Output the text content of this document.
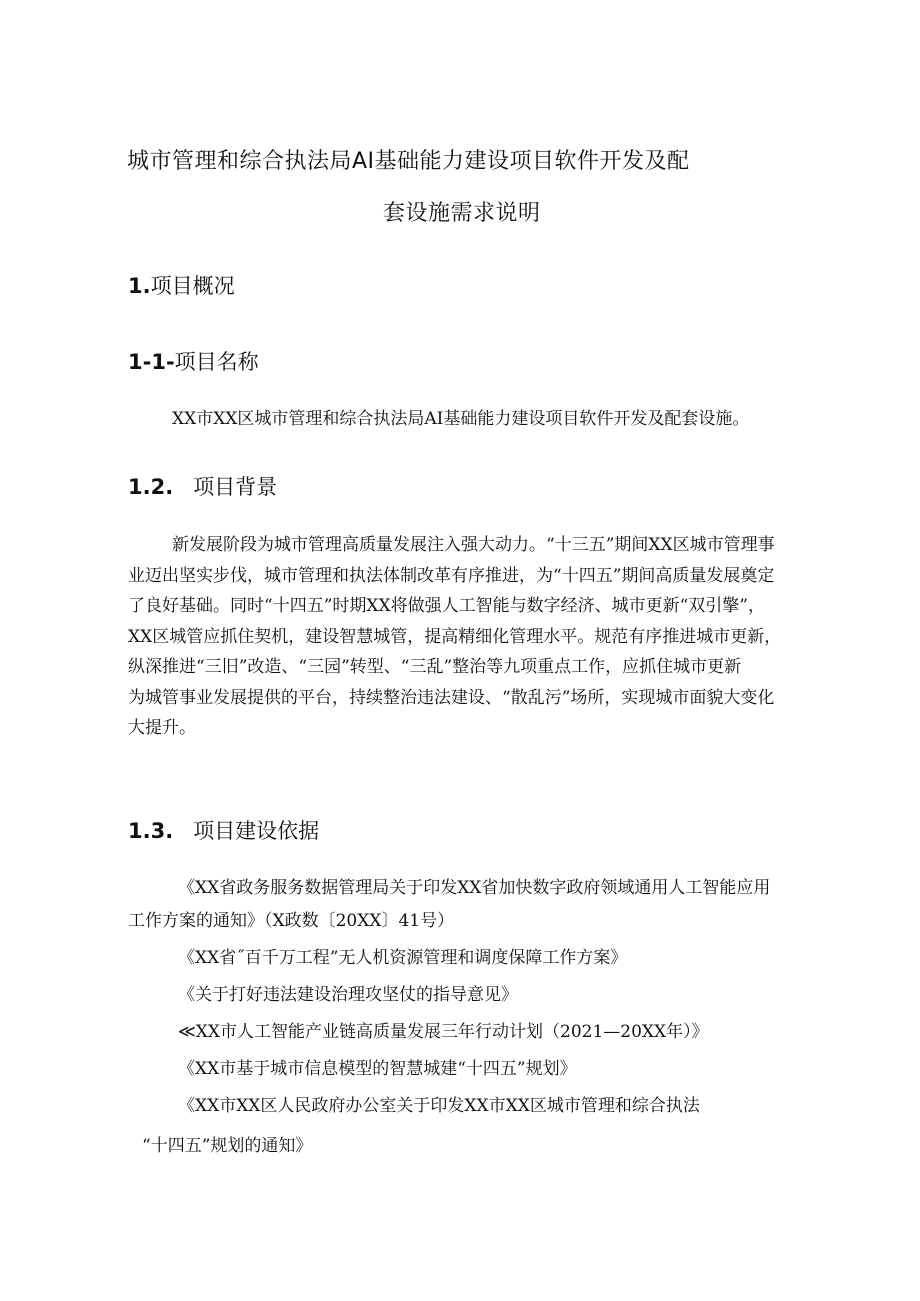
城市管理和综合执法局AI基础能力建设项目软件开发及配
套设施需求说明
1.项目概况
1-1-项目名称
XX市XX区城市管理和综合执法局AI基础能力建设项目软件开发及配套设施。
1.2. 项目背景
新发展阶段为城市管理高质量发展注入强大动力。“十三五”期间XX区城市管理事
业迈出坚实步伐，城市管理和执法体制改革有序推进，为“十四五”期间高质量发展奠定
了良好基础。同时“十四五”时期XX将做强人工智能与数字经济、城市更新“双引擎”，
XX区城管应抓住契机，建设智慧城管，提高精细化管理水平。规范有序推进城市更新，
纵深推进“三旧”改造、“三园”转型、“三乱”整治等九项重点工作，应抓住城市更新
为城管事业发展提供的平台，持续整治违法建设、“散乱污”场所，实现城市面貌大变化
大提升。
1.3. 项目建设依据
《XX省政务服务数据管理局关于印发XX省加快数字政府领域通用人工智能应用
工作方案的通知》（X政数〔20XX〕41号）
《XX省˝百千万工程”无人机资源管理和调度保障工作方案》
《关于打好违法建设治理攻坚仗的指导意见》
≪XX市人工智能产业链高质量发展三年行动计划（2021—20XX年）》
《XX市基于城市信息模型的智慧城建“十四五”规划》
《XX市XX区人民政府办公室关于印发XX市XX区城市管理和综合执法
“十四五”规划的通知》
